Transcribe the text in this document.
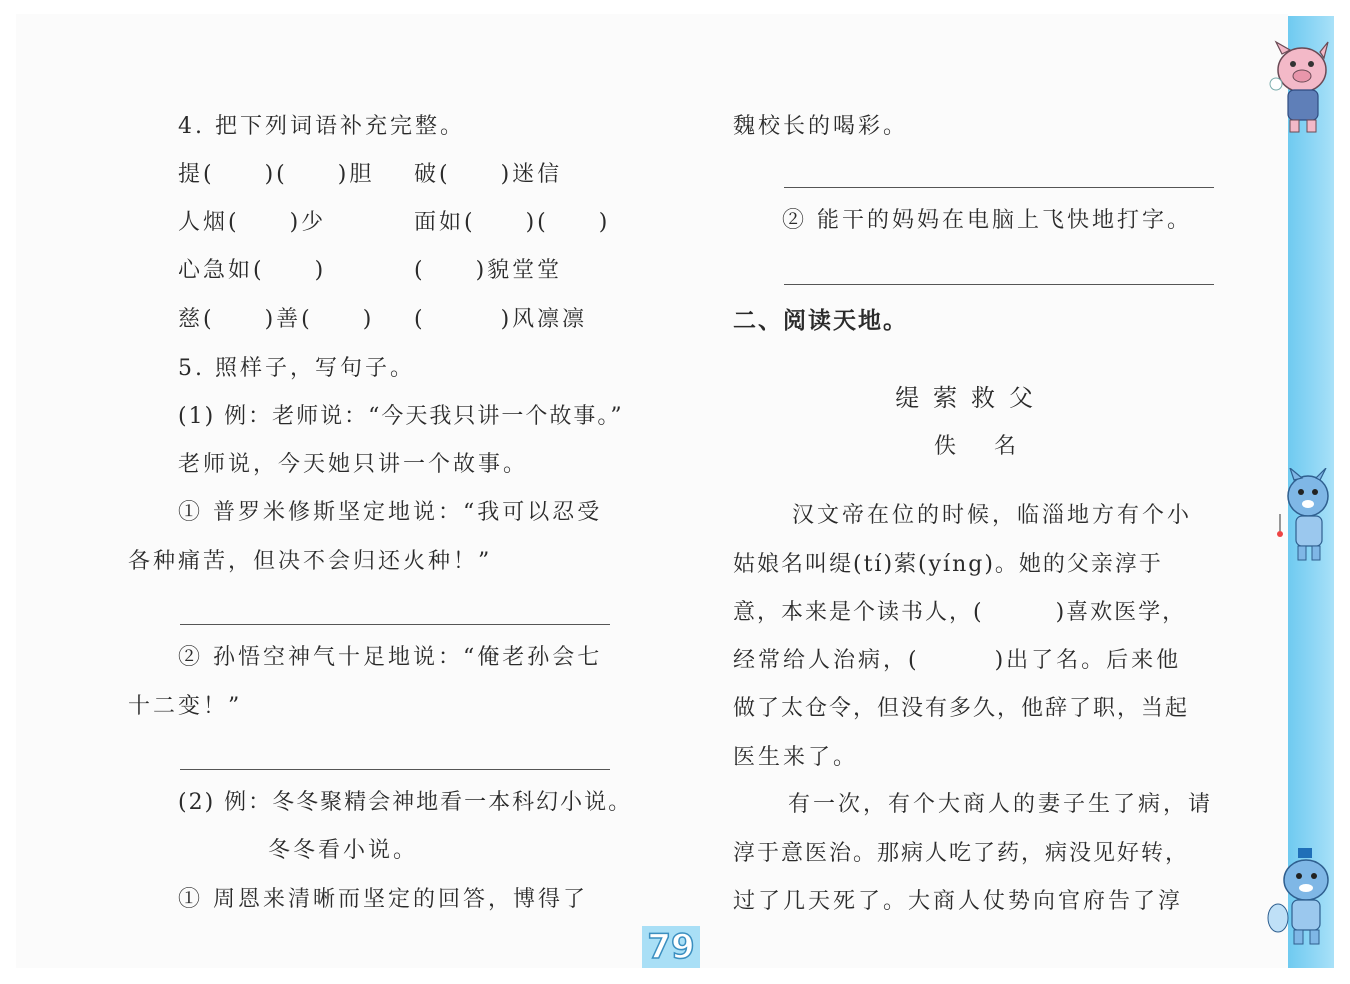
4. 把下列词语补充完整。
提(　　)(　　)胆 破(　　)迷信
人烟(　　)少	面如(　　)(　　)
心急如(　　)	(　　)貌堂堂
慈(　　)善(　　) (　　　)风凛凛
5. 照样子，写句子。
(1) 例：老师说：“今天我只讲一个故事。”
老师说，今天她只讲一个故事。
① 普罗米修斯坚定地说：“我可以忍受
各种痛苦，但决不会归还火种！”
② 孙悟空神气十足地说：“俺老孙会七
十二变！”
(2) 例：冬冬聚精会神地看一本科幻小说。
冬冬看小说。
① 周恩来清晰而坚定的回答，博得了
魏校长的喝彩。
② 能干的妈妈在电脑上飞快地打字。
二、阅读天地。
缇萦救父
佚　名
汉文帝在位的时候，临淄地方有个小
姑娘名叫缇(tí)萦(yíng)。她的父亲淳于
意，本来是个读书人，(　　　)喜欢医学，
经常给人治病，(　　　)出了名。后来他
做了太仓令，但没有多久，他辞了职，当起
医生来了。
有一次，有个大商人的妻子生了病，请
淳于意医治。那病人吃了药，病没见好转，
过了几天死了。大商人仗势向官府告了淳
79
